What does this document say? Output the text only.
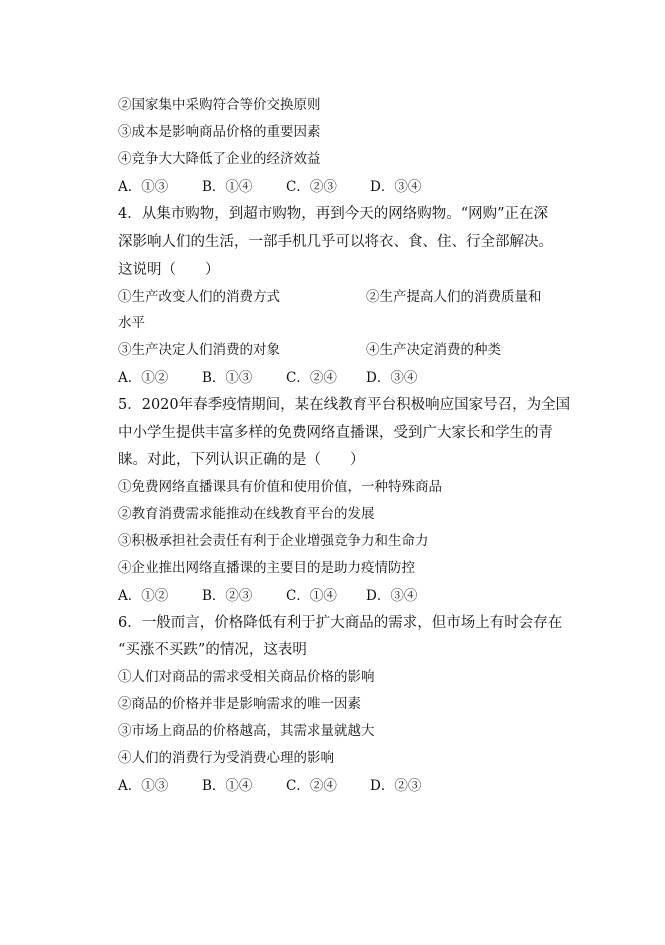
②国家集中采购符合等价交换原则
③成本是影响商品价格的重要因素
④竞争大大降低了企业的经济效益
A．①③	B．①④ C．②③ D．③④
4．从集市购物，到超市购物，再到今天的网络购物。“网购”正在深
深影响人们的生活，一部手机几乎可以将衣、食、住、行全部解决。
这说明（　　）
①生产改变人们的消费方式	②生产提高人们的消费质量和
水平
③生产决定人们消费的对象	④生产决定消费的种类
A．①②	B．①③ C．②④ D．③④
5．2020年春季疫情期间，某在线教育平台积极响应国家号召，为全国
中小学生提供丰富多样的免费网络直播课，受到广大家长和学生的青
睐。对此，下列认识正确的是（　　）
①免费网络直播课具有价值和使用价值，一种特殊商品
②教育消费需求能推动在线教育平台的发展
③积极承担社会责任有利于企业增强竞争力和生命力
④企业推出网络直播课的主要目的是助力疫情防控
A．①②	B．②③ C．①④ D．③④
6．一般而言，价格降低有利于扩大商品的需求，但市场上有时会存在
“买涨不买跌”的情况，这表明
①人们对商品的需求受相关商品价格的影响
②商品的价格并非是影响需求的唯一因素
③市场上商品的价格越高，其需求量就越大
④人们的消费行为受消费心理的影响
A．①③	B．①④ C．②④ D．②③
